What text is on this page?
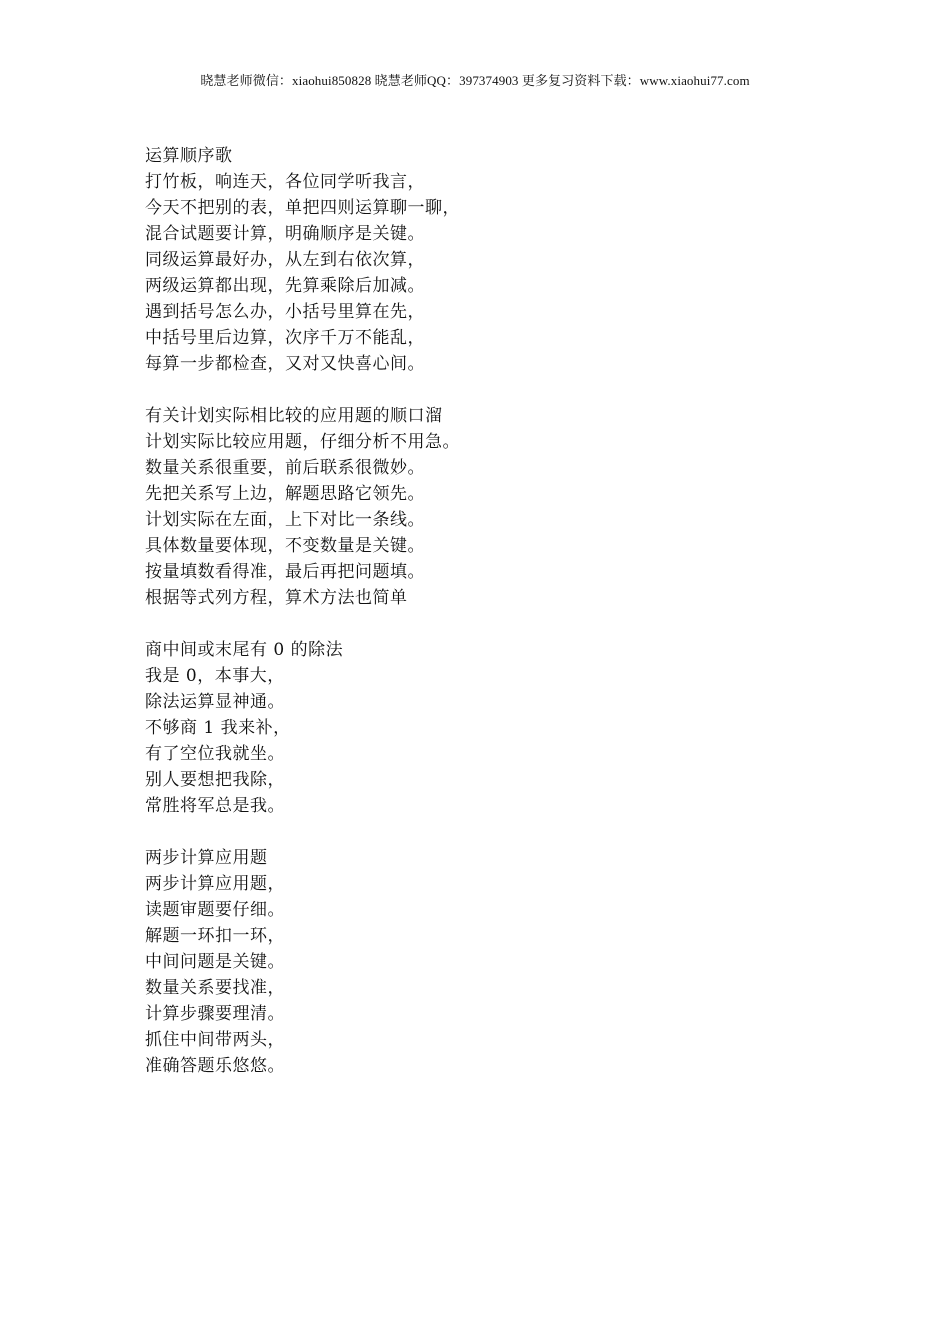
晓慧老师微信：xiaohui850828 晓慧老师QQ：397374903 更多复习资料下载：www.xiaohui77.com
运算顺序歌
打竹板，响连天，各位同学听我言，
今天不把别的表，单把四则运算聊一聊，
混合试题要计算，明确顺序是关键。
同级运算最好办，从左到右依次算，
两级运算都出现，先算乘除后加减。
遇到括号怎么办，小括号里算在先，
中括号里后边算，次序千万不能乱，
每算一步都检查，又对又快喜心间。
有关计划实际相比较的应用题的顺口溜
计划实际比较应用题，仔细分析不用急。
数量关系很重要，前后联系很微妙。
先把关系写上边，解题思路它领先。
计划实际在左面，上下对比一条线。
具体数量要体现，不变数量是关键。
按量填数看得准，最后再把问题填。
根据等式列方程，算术方法也简单
商中间或末尾有 0 的除法
我是 0，本事大，
除法运算显神通。
不够商 1 我来补，
有了空位我就坐。
别人要想把我除，
常胜将军总是我。
两步计算应用题
两步计算应用题，
读题审题要仔细。
解题一环扣一环，
中间问题是关键。
数量关系要找准，
计算步骤要理清。
抓住中间带两头，
准确答题乐悠悠。
